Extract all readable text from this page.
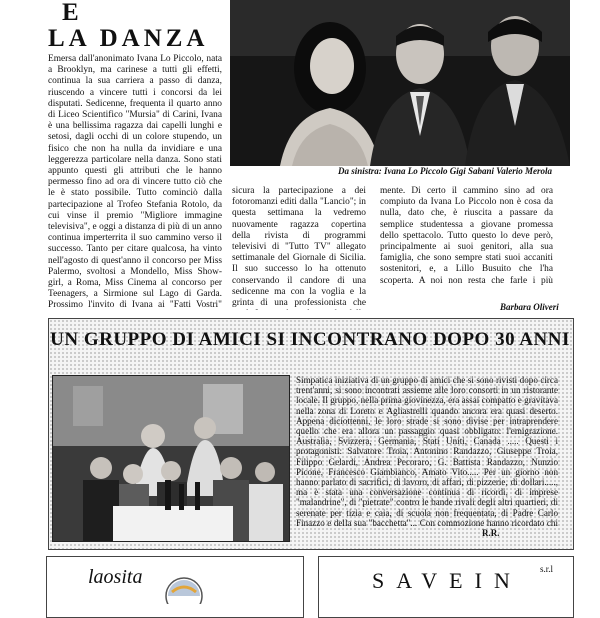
E
LA DANZA
Da sinistra: Ivana Lo Piccolo Gigi Sabani Valerio Merola
Emersa dall'anonimato Ivana Lo Piccolo, nata a Brooklyn, ma carinese a tutti gli effetti, continua la sua carriera a passo di danza, riuscendo a vincere tutti i concorsi da lei disputati. Sedicenne, frequenta il quarto anno di Liceo Scientifico "Mursia" di Carini, Ivana è una bellissima ragazza dai capelli lunghi e setosi, dagli occhi di un colore stupendo, un fisico che non ha nulla da invidiare e una leggerezza particolare nella danza. Sono stati appunto questi gli attributi che le hanno permesso fino ad ora di vincere tutto ciò che le è stato possibile. Tutto cominciò dalla partecipazione al Trofeo Stefania Rotolo, da cui vinse il premio "Migliore immagine televisiva", e oggi a distanza di più di un anno continua imperterrita il suo cammino verso il successo. Tanto per citare qualcosa, ha vinto nell'agosto di quest'anno il concorso per Miss Palermo, svoltosi a Mondello, Miss Show-girl, a Roma, Miss Cinema al concorso per Teenagers, a Sirmione sul Lago di Garda. Prossimo l'invito di Ivana ai "Fatti Vostri"
sicura la partecipazione a dei fotoromanzi editi dalla "Lancio"; in questa settimana la vedremo nuovamente ragazza copertina della rivista di programmi televisivi di "Tutto TV" allegato settimanale del Giornale di Sicilia. Il suo successo lo ha ottenuto conservando il candore di una sedicenne ma con la voglia e la grinta di una professionista che
mente. Di certo il cammino sino ad ora compiuto da Ivana Lo Piccolo non è cosa da nulla, dato che, è riuscita a passare da semplice studentessa a giovane promessa dello spettacolo. Tutto questo lo deve però, principalmente ai suoi genitori, alla sua famiglia, che sono sempre stati suoi accaniti sostenitori, e, a Lillo Busuito che l'ha scoperta. A noi non resta che farle i più
Barbara Oliveri
UN GRUPPO DI AMICI SI INCONTRANO DOPO 30 ANNI
Simpatica iniziativa di un gruppo di amici che si sono rivisti dopo circa trent'anni, si sono incontrati assieme alle loro consorti in un ristorante locale. Il gruppo, nella prima giovinezza, era assai compatto e gravitava nella zona di Loreto e Agliastrelli quando ancora era quasi deserto. Appena diciottenni, le loro strade si sono divise per intraprendere quello che era allora un passaggio quasi obbligato: l'emigrazione. Australia, Svizzera, Germania, Stati Uniti, Canada ..... Questi i protagonisti: Salvatore Troia, Antonino Randazzo, Giuseppe Troia, Filippo Gelardi, Andrea Pecoraro, G. Battista Randazzo, Nunzio Picone, Francesco Giambianco, Amato Vito..... Per un giorno non hanno parlato di sacrifici, di lavoro, di affari, di pizzerie, di dollari....., ma è stata una conversazione continua di ricordi, di imprese "malandrine", di "pietrate" contro le bande rivali degli altri quartieri, di serenate per tizia e caia, di scuola non frequentata, di Padre Carlo Finazzo e della sua "bacchetta"... Con commozione hanno ricordato chi
R.R.
laosita	SAVEIN s.r.l
